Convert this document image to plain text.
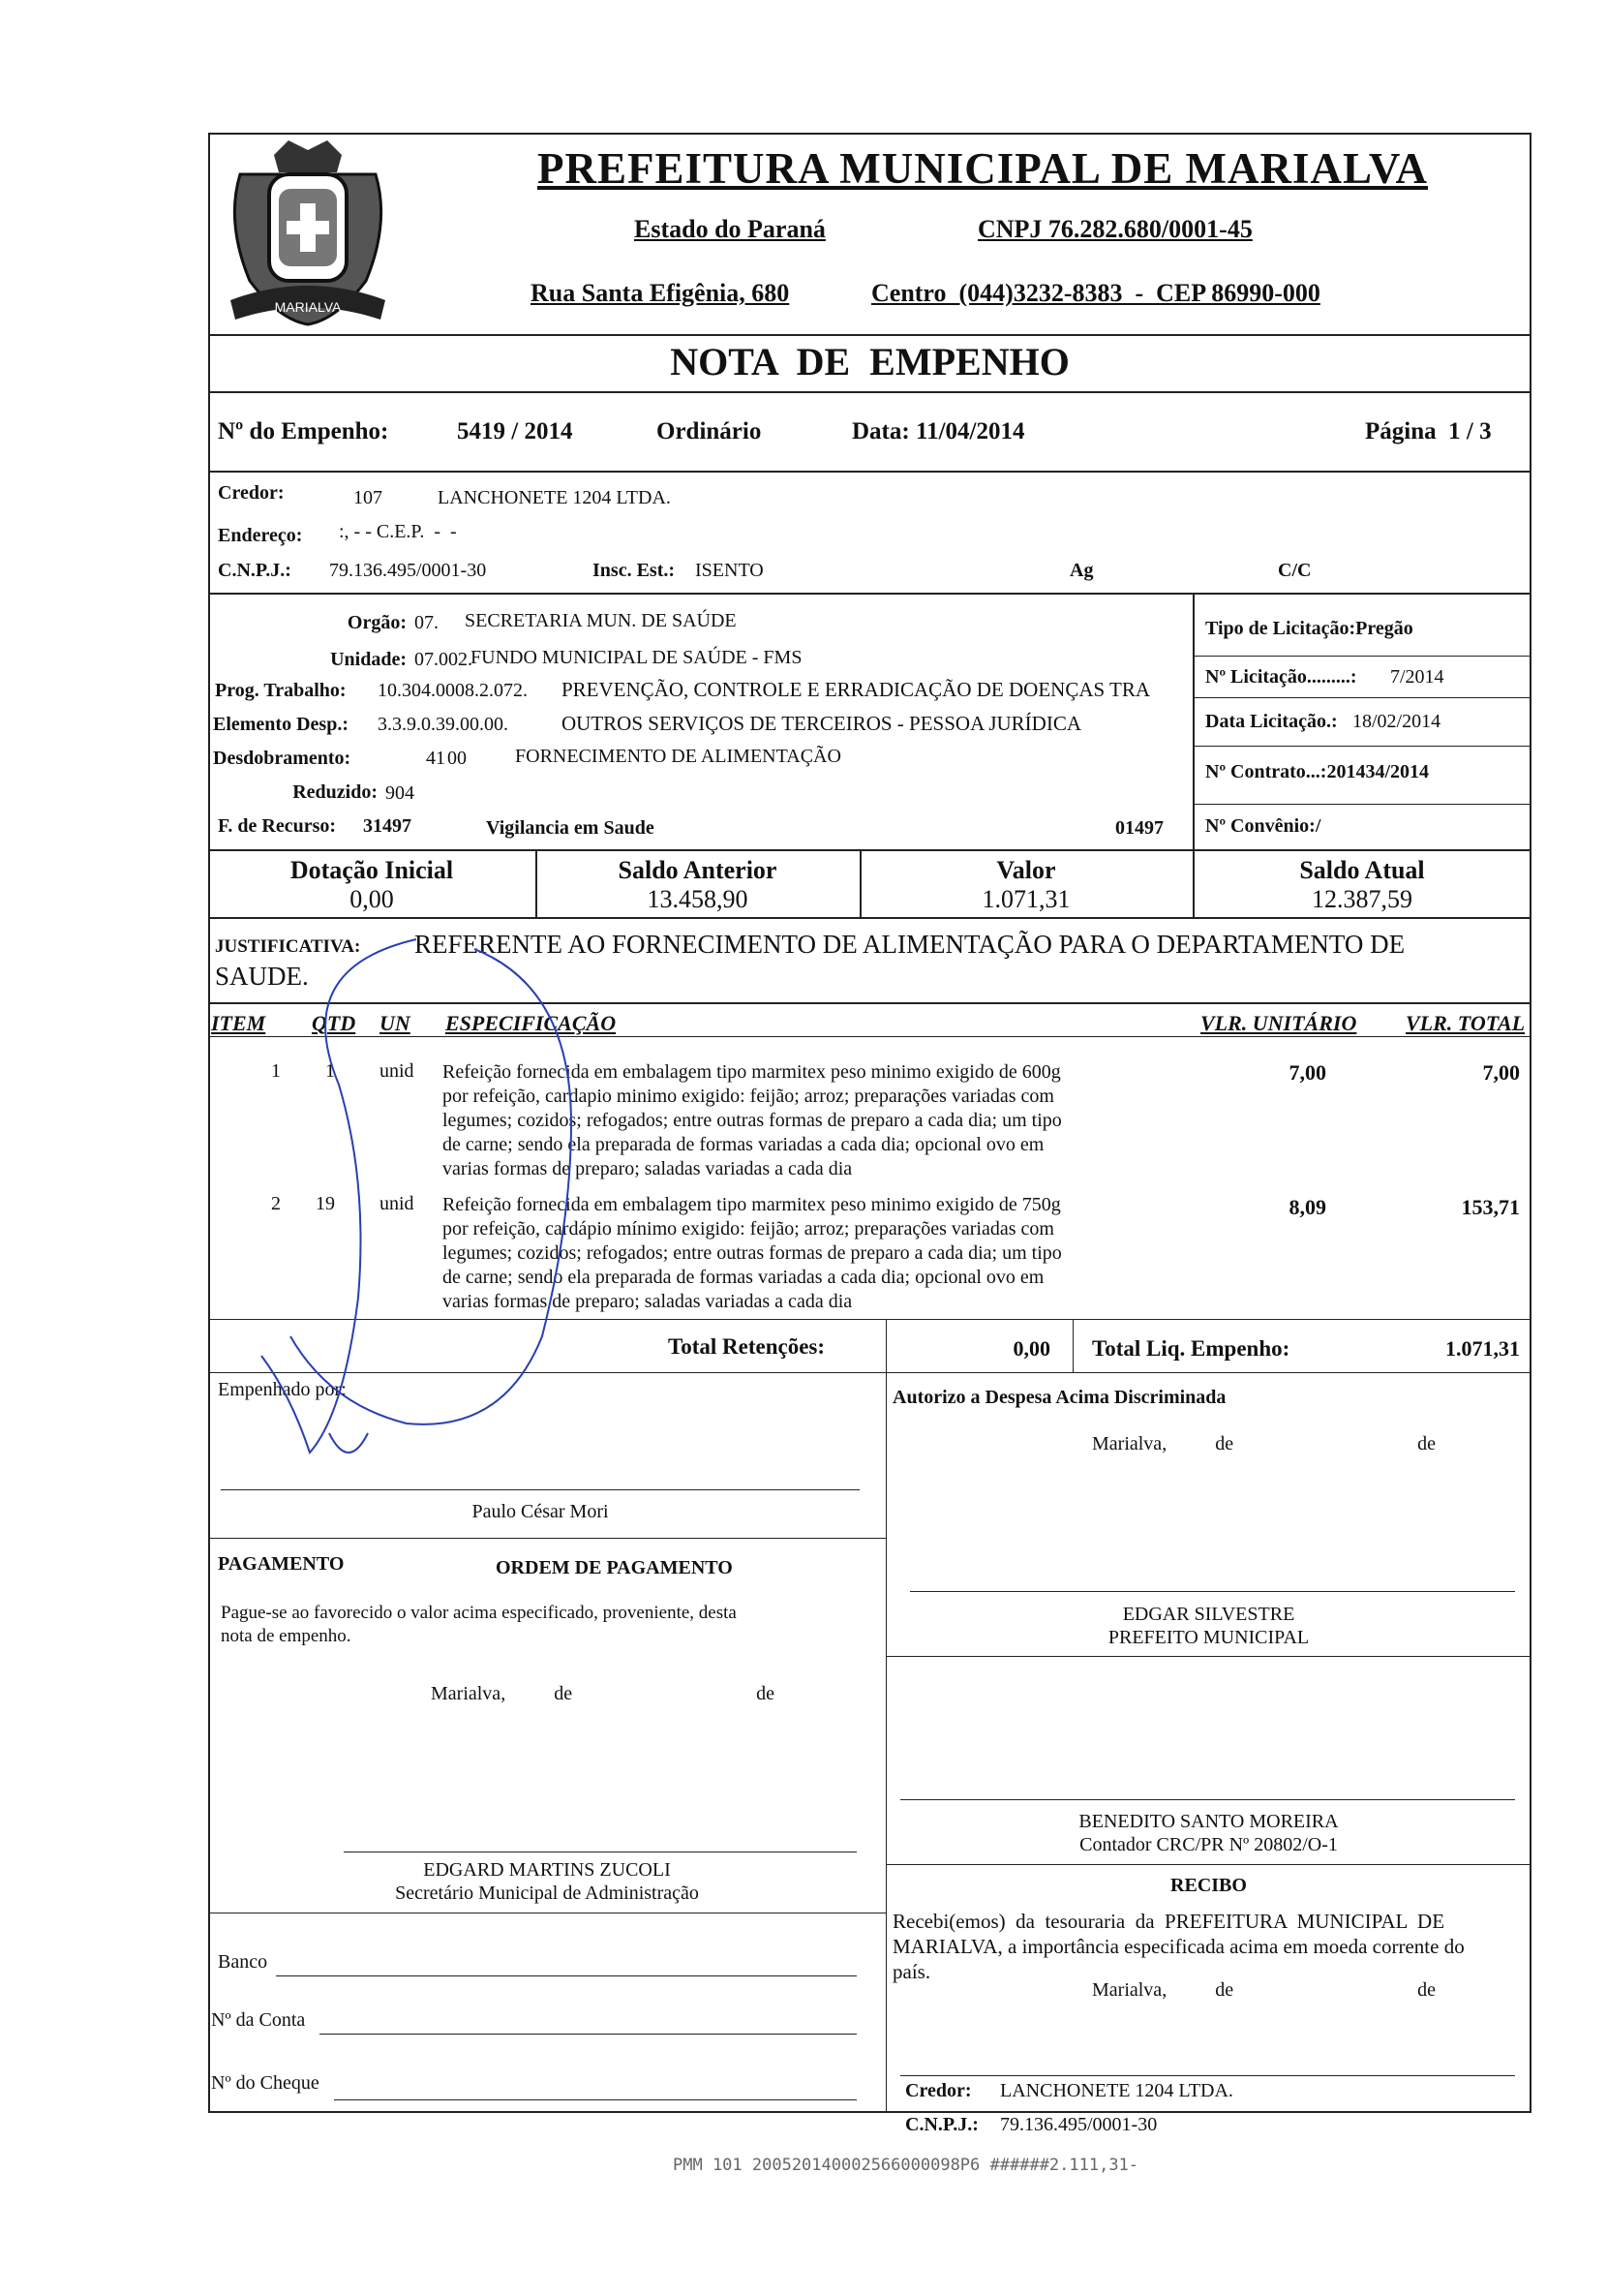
MARIALVA
PREFEITURA MUNICIPAL DE MARIALVA
Estado do Paraná	CNPJ 76.282.680/0001-45
Rua Santa Efigênia, 680	Centro  (044)3232-8383  -  CEP 86990-000
NOTA  DE  EMPENHO
Nº do Empenho:	5419 / 2014	Ordinário	Data: 11/04/2014	Página  1 / 3
Credor:	107	LANCHONETE 1204 LTDA.
Endereço: :, - - C.E.P.  -  -
C.N.P.J.: 79.136.495/0001-30	Insc. Est.: ISENTO	Ag	C/C
Orgão: 07. SECRETARIA MUN. DE SAÚDE
Unidade: 07.002.
FUNDO MUNICIPAL DE SAÚDE - FMS
Prog. Trabalho: 10.304.0008.2.072. PREVENÇÃO, CONTROLE E ERRADICAÇÃO DE DOENÇAS TRA
Elemento Desp.: 3.3.9.0.39.00.00.	OUTROS SERVIÇOS DE TERCEIROS - PESSOA JURÍDICA
Desdobramento:	41 00	FORNECIMENTO DE ALIMENTAÇÃO
Reduzido: 904
F. de Recurso: 31497	Vigilancia em Saude	01497
Tipo de Licitação:Pregão
Nº Licitação.........: 7/2014
Data Licitação.: 18/02/2014
Nº Contrato...:201434/2014
Nº Convênio:/
Dotação Inicial
0,00
Saldo Anterior
13.458,90
Valor
1.071,31
Saldo Atual
12.387,59
JUSTIFICATIVA: REFERENTE AO FORNECIMENTO DE ALIMENTAÇÃO PARA O DEPARTAMENTO DE
SAUDE.
ITEM QTD UN ESPECIFICAÇÃO	VLR. UNITÁRIO VLR. TOTAL
1 1 unid Refeição fornecida em embalagem tipo marmitex peso minimo exigido de 600g
por refeição, cardapio minimo exigido: feijão; arroz; preparações variadas com
legumes; cozidos; refogados; entre outras formas de preparo a cada dia; um tipo
de carne; sendo ela preparada de formas variadas a cada dia; opcional ovo em
varias formas de preparo; saladas variadas a cada dia
7,00	7,00
2 19 unid Refeição fornecida em embalagem tipo marmitex peso minimo exigido de 750g
por refeição, cardápio mínimo exigido: feijão; arroz; preparações variadas com
legumes; cozidos; refogados; entre outras formas de preparo a cada dia; um tipo
de carne; sendo ela preparada de formas variadas a cada dia; opcional ovo em
varias formas de preparo; saladas variadas a cada dia
8,09	153,71
Total Retenções:	0,00 Total Liq. Empenho:	1.071,31
Empenhado por:	Autorizo a Despesa Acima Discriminada
Marialva,          de                                      de
Paulo César Mori
PAGAMENTO	ORDEM DE PAGAMENTO
Pague-se ao favorecido o valor acima especificado, proveniente, desta
nota de empenho.
Marialva,          de                                      de
EDGAR SILVESTRE
PREFEITO MUNICIPAL
BENEDITO SANTO MOREIRA
Contador CRC/PR Nº 20802/O-1
EDGARD MARTINS ZUCOLI
Secretário Municipal de Administração	RECIBO
Recebi(emos)  da  tesouraria  da  PREFEITURA  MUNICIPAL  DE
MARIALVA, a importância especificada acima em moeda corrente do
país.
Marialva,          de                                      de
Banco
Nº da Conta
Nº do Cheque	Credor: LANCHONETE 1204 LTDA.
C.N.P.J.: 79.136.495/0001-30
PMM 101 200520140002566000098P6 ######2.111,31-
